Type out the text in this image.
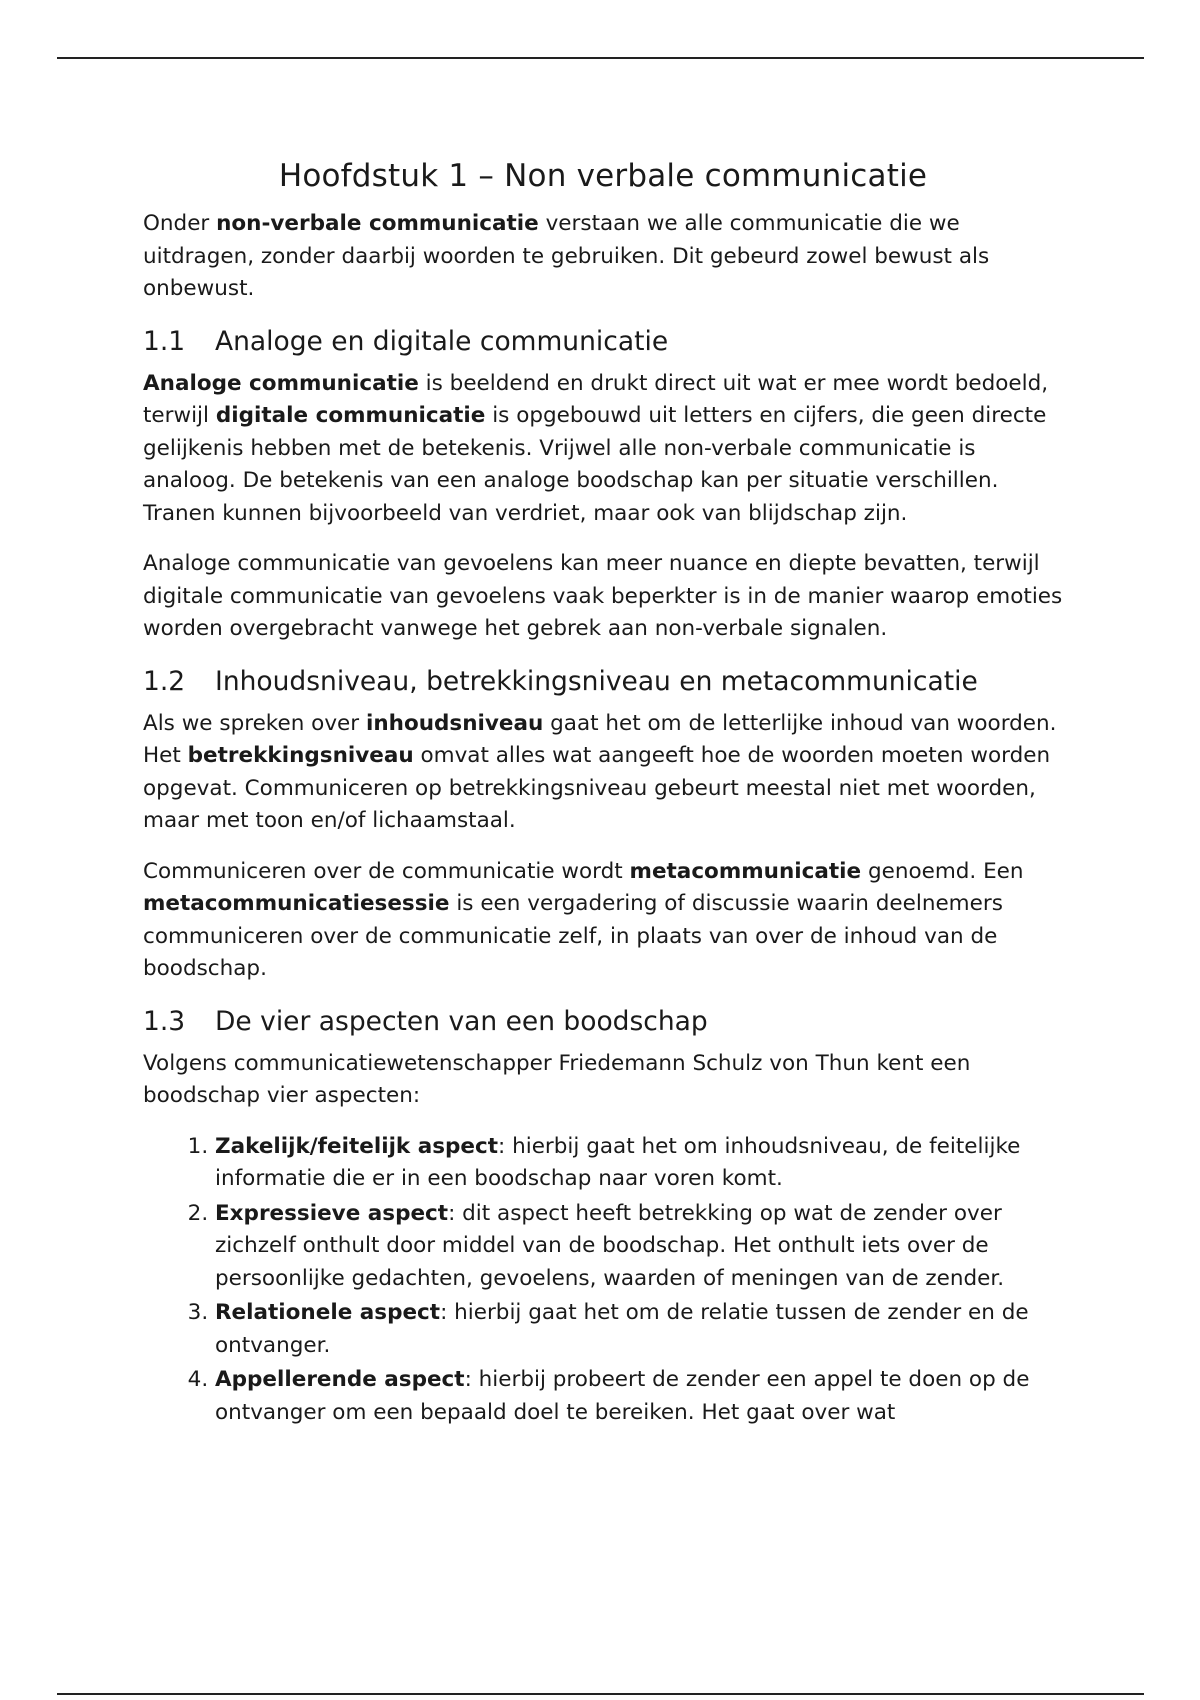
Hoofdstuk 1 – Non verbale communicatie

Onder non-verbale communicatie verstaan we alle communicatie die we uitdragen, zonder daarbij woorden te gebruiken. Dit gebeurd zowel bewust als onbewust.

1.1 Analoge en digitale communicatie

Analoge communicatie is beeldend en drukt direct uit wat er mee wordt bedoeld, terwijl digitale communicatie is opgebouwd uit letters en cijfers, die geen directe gelijkenis hebben met de betekenis. Vrijwel alle non-verbale communicatie is analoog. De betekenis van een analoge boodschap kan per situatie verschillen. Tranen kunnen bijvoorbeeld van verdriet, maar ook van blijdschap zijn.

Analoge communicatie van gevoelens kan meer nuance en diepte bevatten, terwijl digitale communicatie van gevoelens vaak beperkter is in de manier waarop emoties worden overgebracht vanwege het gebrek aan non-verbale signalen.

1.2 Inhoudsniveau, betrekkingsniveau en metacommunicatie

Als we spreken over inhoudsniveau gaat het om de letterlijke inhoud van woorden. Het betrekkingsniveau omvat alles wat aangeeft hoe de woorden moeten worden opgevat. Communiceren op betrekkingsniveau gebeurt meestal niet met woorden, maar met toon en/of lichaamstaal.

Communiceren over de communicatie wordt metacommunicatie genoemd. Een metacommunicatiesessie is een vergadering of discussie waarin deelnemers communiceren over de communicatie zelf, in plaats van over de inhoud van de boodschap.

1.3 De vier aspecten van een boodschap

Volgens communicatiewetenschapper Friedemann Schulz von Thun kent een boodschap vier aspecten:

1. Zakelijk/feitelijk aspect: hierbij gaat het om inhoudsniveau, de feitelijke informatie die er in een boodschap naar voren komt.
2. Expressieve aspect: dit aspect heeft betrekking op wat de zender over zichzelf onthult door middel van de boodschap. Het onthult iets over de persoonlijke gedachten, gevoelens, waarden of meningen van de zender.
3. Relationele aspect: hierbij gaat het om de relatie tussen de zender en de ontvanger.
4. Appellerende aspect: hierbij probeert de zender een appel te doen op de ontvanger om een bepaald doel te bereiken. Het gaat over wat
